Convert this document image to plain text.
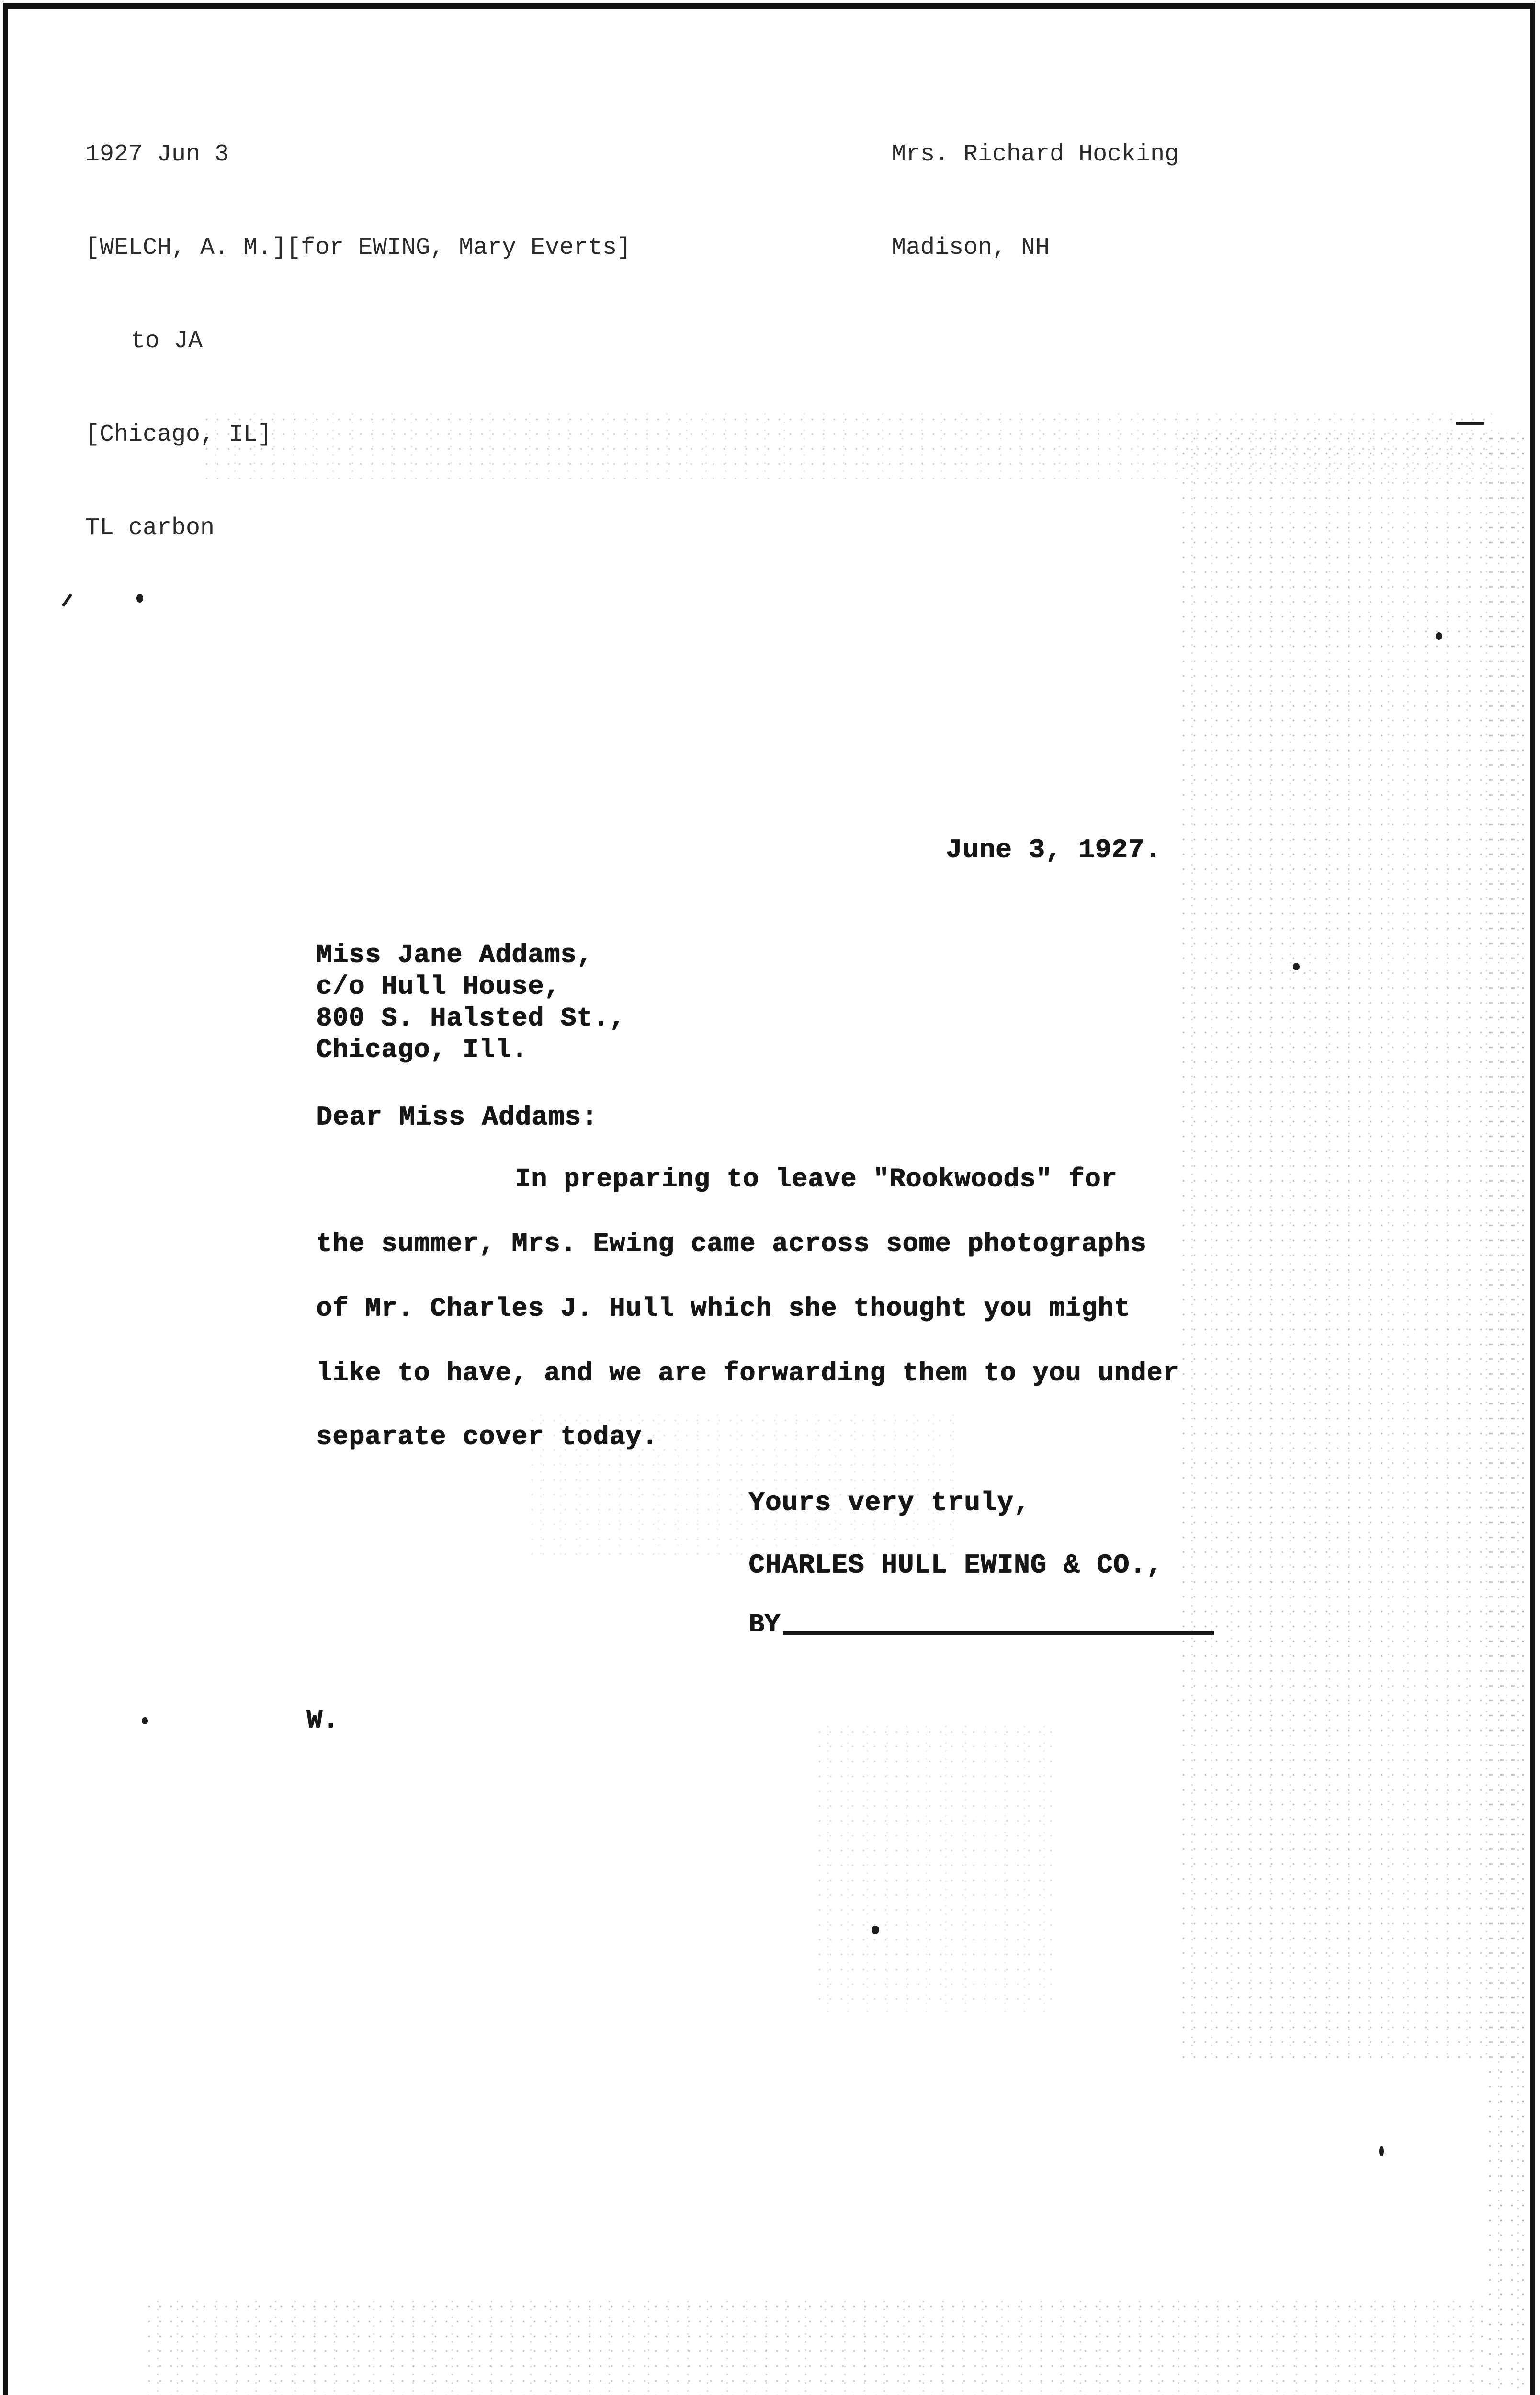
1927 Jun 3

[WELCH, A. M.][for EWING, Mary Everts]

to JA

[Chicago, IL]

TL carbon

Mrs. Richard Hocking

Madison, NH

June 3, 1927.
Miss Jane Addams,
c/o Hull House,
800 S. Halsted St.,
Chicago, Ill.
Dear Miss Addams:
In preparing to leave "Rookwoods" for
the summer, Mrs. Ewing came across some photographs
of Mr. Charles J. Hull which she thought you might
like to have, and we are forwarding them to you under
separate cover today.
Yours very truly,
CHARLES HULL EWING & CO.,
BY
W.
